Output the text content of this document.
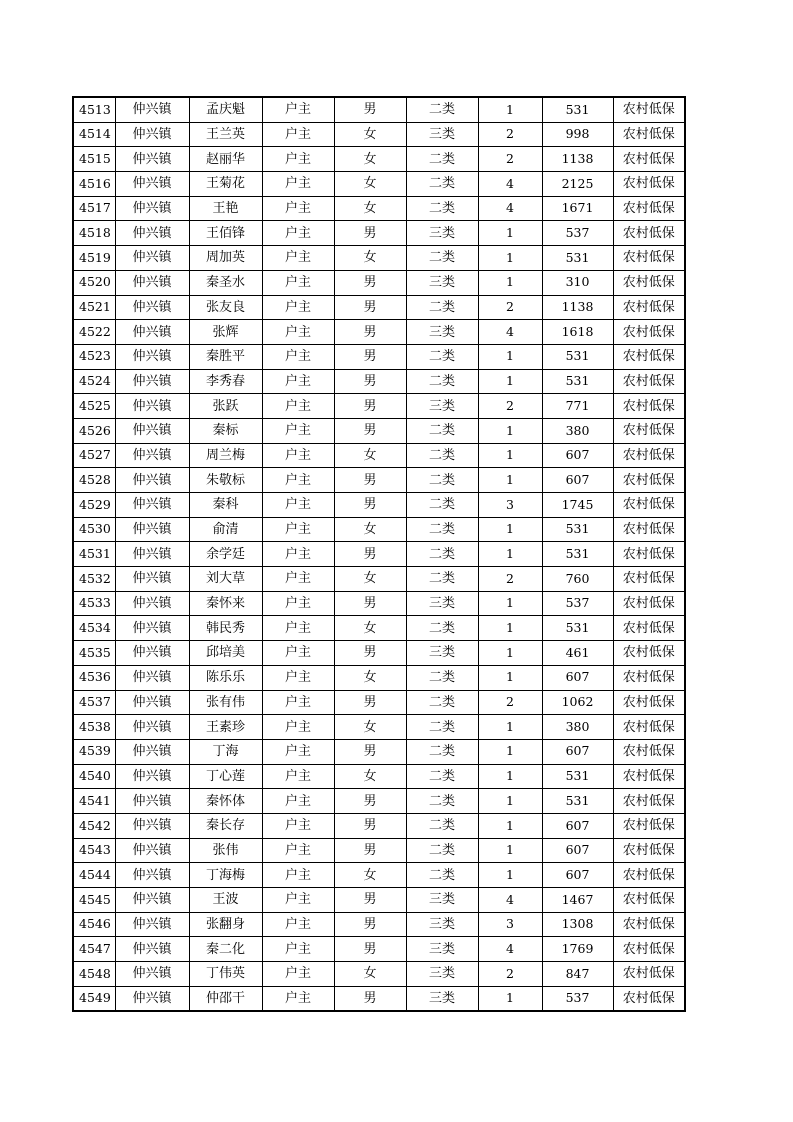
4513	仲兴镇	孟庆魁	户主	男	二类	1	531	农村低保
4514	仲兴镇	王兰英	户主	女	三类	2	998	农村低保
4515	仲兴镇	赵丽华	户主	女	二类	2	1138	农村低保
4516	仲兴镇	王菊花	户主	女	二类	4	2125	农村低保
4517	仲兴镇	王艳	户主	女	二类	4	1671	农村低保
4518	仲兴镇	王佰锋	户主	男	三类	1	537	农村低保
4519	仲兴镇	周加英	户主	女	二类	1	531	农村低保
4520	仲兴镇	秦圣水	户主	男	三类	1	310	农村低保
4521	仲兴镇	张友良	户主	男	二类	2	1138	农村低保
4522	仲兴镇	张辉	户主	男	三类	4	1618	农村低保
4523	仲兴镇	秦胜平	户主	男	二类	1	531	农村低保
4524	仲兴镇	李秀春	户主	男	二类	1	531	农村低保
4525	仲兴镇	张跃	户主	男	三类	2	771	农村低保
4526	仲兴镇	秦标	户主	男	二类	1	380	农村低保
4527	仲兴镇	周兰梅	户主	女	二类	1	607	农村低保
4528	仲兴镇	朱敬标	户主	男	二类	1	607	农村低保
4529	仲兴镇	秦科	户主	男	二类	3	1745	农村低保
4530	仲兴镇	俞清	户主	女	二类	1	531	农村低保
4531	仲兴镇	余学廷	户主	男	二类	1	531	农村低保
4532	仲兴镇	刘大草	户主	女	二类	2	760	农村低保
4533	仲兴镇	秦怀来	户主	男	三类	1	537	农村低保
4534	仲兴镇	韩民秀	户主	女	二类	1	531	农村低保
4535	仲兴镇	邱培美	户主	男	三类	1	461	农村低保
4536	仲兴镇	陈乐乐	户主	女	二类	1	607	农村低保
4537	仲兴镇	张有伟	户主	男	二类	2	1062	农村低保
4538	仲兴镇	王素珍	户主	女	二类	1	380	农村低保
4539	仲兴镇	丁海	户主	男	二类	1	607	农村低保
4540	仲兴镇	丁心莲	户主	女	二类	1	531	农村低保
4541	仲兴镇	秦怀体	户主	男	二类	1	531	农村低保
4542	仲兴镇	秦长存	户主	男	二类	1	607	农村低保
4543	仲兴镇	张伟	户主	男	二类	1	607	农村低保
4544	仲兴镇	丁海梅	户主	女	二类	1	607	农村低保
4545	仲兴镇	王波	户主	男	三类	4	1467	农村低保
4546	仲兴镇	张翻身	户主	男	三类	3	1308	农村低保
4547	仲兴镇	秦二化	户主	男	三类	4	1769	农村低保
4548	仲兴镇	丁伟英	户主	女	三类	2	847	农村低保
4549	仲兴镇	仲邵干	户主	男	三类	1	537	农村低保
